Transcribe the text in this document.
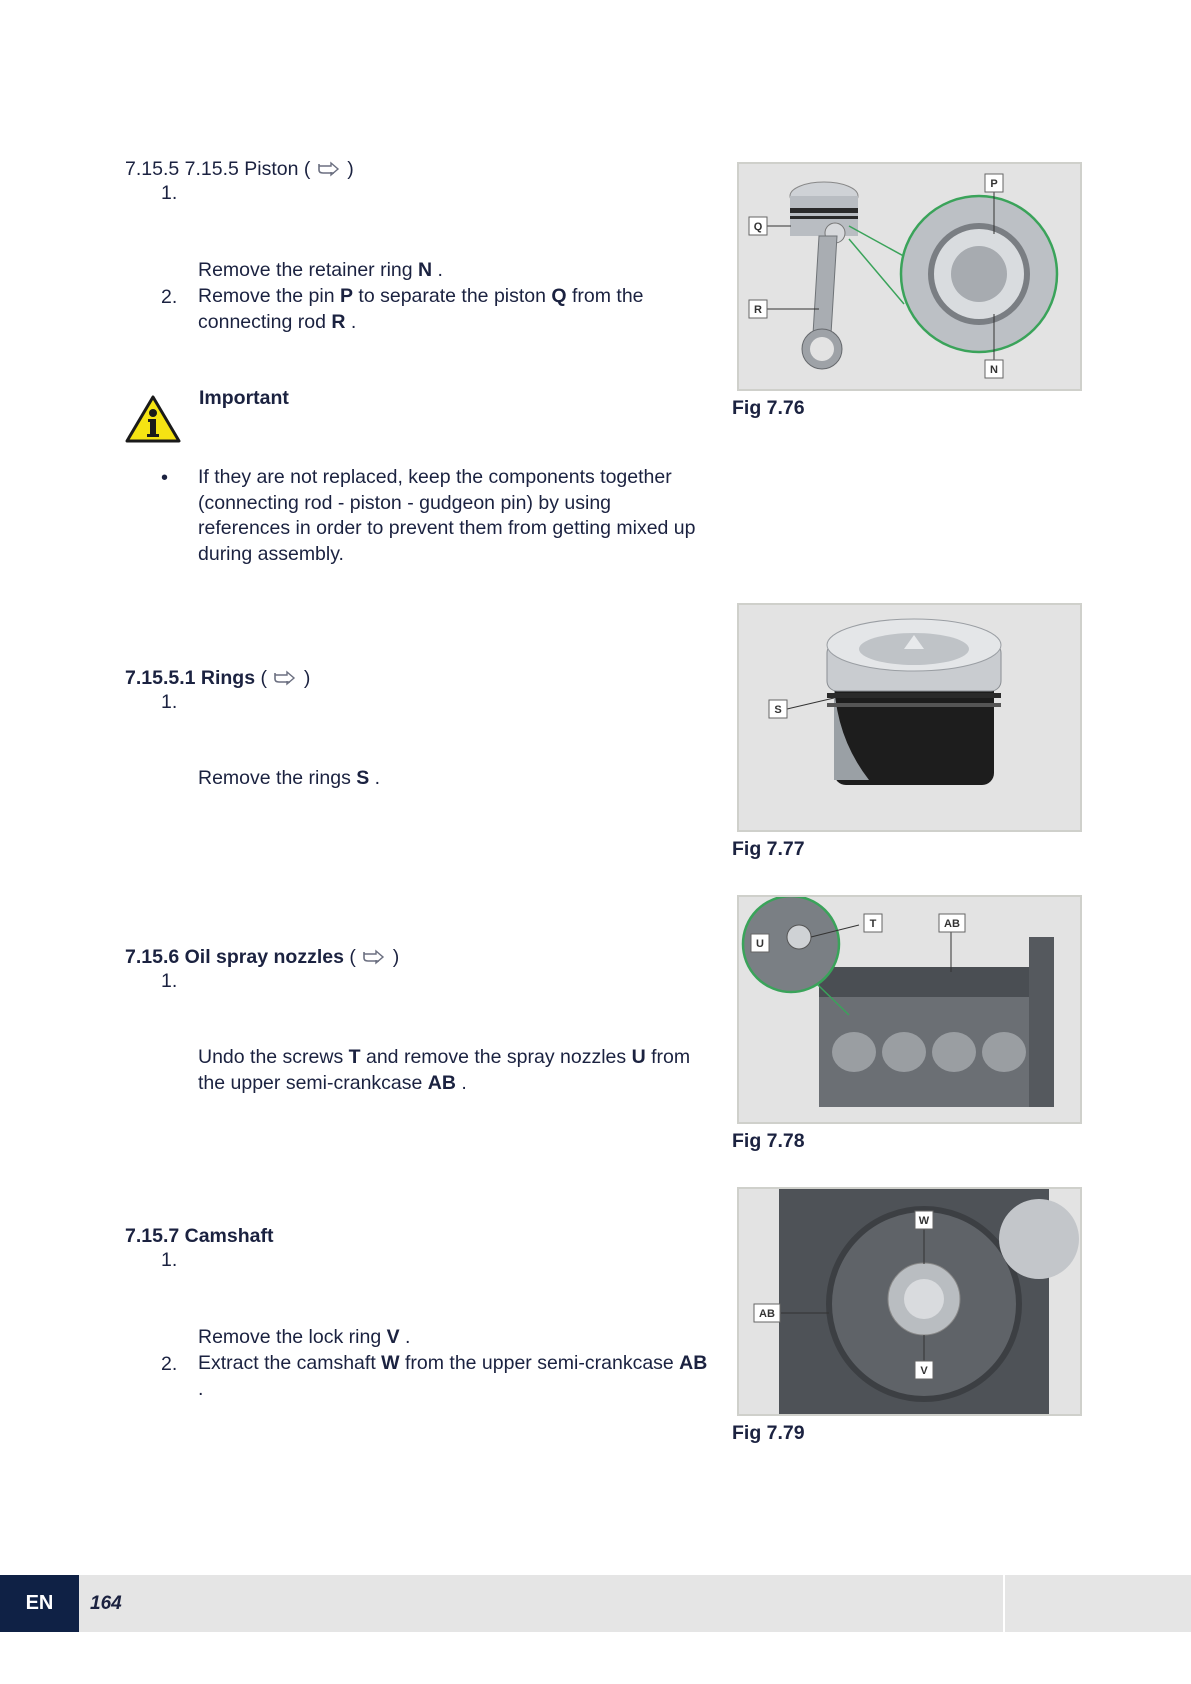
7.15.5 7.15.5 Piston ( )
1.
Remove the retainer ring N .
2. Remove the pin P to separate the piston Q from the connecting rod R .
Important
• If they are not replaced, keep the components together (connecting rod - piston - gudgeon pin) by using references in order to prevent them from getting mixed up during assembly.
7.15.5.1 Rings ( )
1.
Remove the rings S .
7.15.6 Oil spray nozzles ( )
1.
Undo the screws T and remove the spray nozzles U from the upper semi-crankcase AB .
7.15.7 Camshaft
1.
Remove the lock ring V .
2. Extract the camshaft W from the upper semi-crankcase AB .
P
Q
R
N
Fig 7.76
S
Fig 7.77
T	AB
U
Fig 7.78
W
AB
V
Fig 7.79
EN	164
